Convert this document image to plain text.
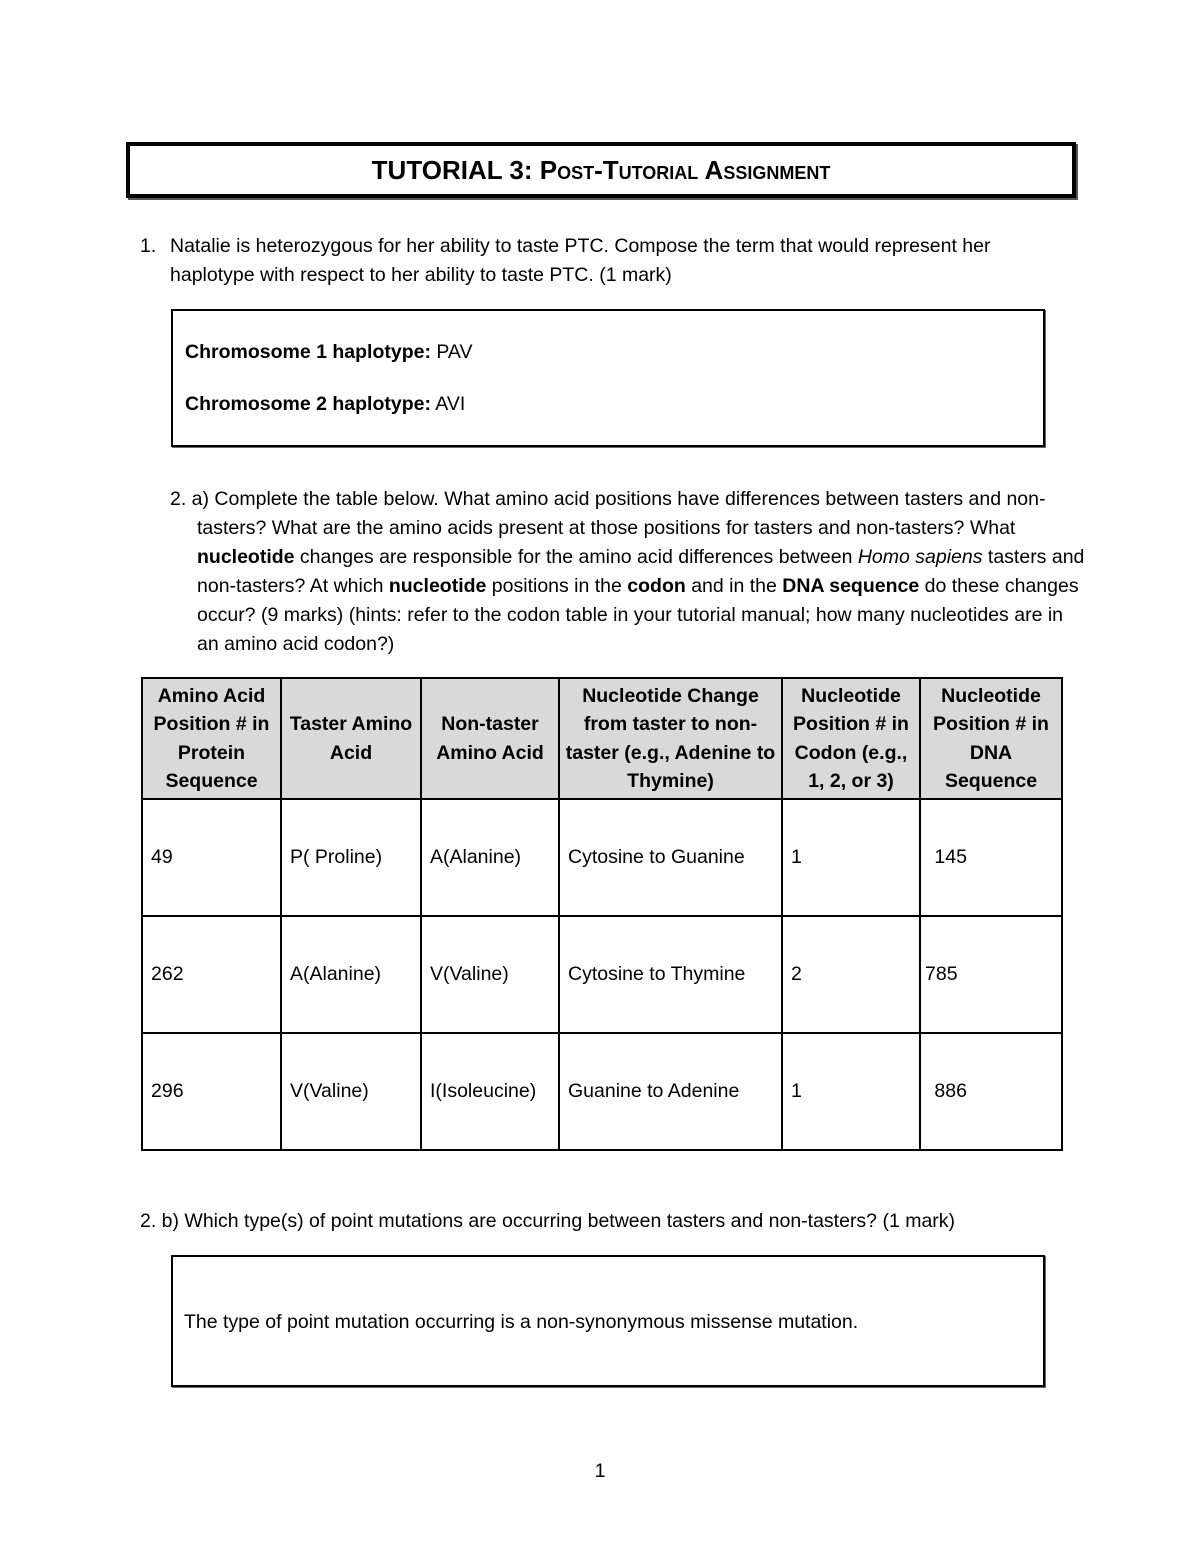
TUTORIAL 3:
Post-Tutorial Assignment
1. Natalie is heterozygous for her ability to taste PTC. Compose the term that would represent her haplotype with respect to her ability to taste PTC. (1 mark)
Chromosome 1 haplotype: PAV
Chromosome 2 haplotype: AVI
2. a) Complete the table below. What amino acid positions have differences between tasters and non-tasters? What are the amino acids present at those positions for tasters and non-tasters? What nucleotide changes are responsible for the amino acid differences between Homo sapiens tasters and non-tasters? At which nucleotide positions in the codon and in the DNA sequence do these changes occur? (9 marks) (hints: refer to the codon table in your tutorial manual; how many nucleotides are in an amino acid codon?)
Amino Acid Position # in Protein Sequence	Taster Amino Acid	Non-taster Amino Acid	Nucleotide Change from taster to non-taster (e.g., Adenine to Thymine)	Nucleotide Position # in Codon (e.g., 1, 2, or 3)	Nucleotide Position # in DNA Sequence
49	P( Proline)	A(Alanine)	Cytosine to Guanine	1	145
262	A(Alanine)	V(Valine)	Cytosine to Thymine	2	785
296	V(Valine)	I(Isoleucine)	Guanine to Adenine	1	886
2. b) Which type(s) of point mutations are occurring between tasters and non-tasters? (1 mark)
The type of point mutation occurring is a non-synonymous missense mutation.
1
